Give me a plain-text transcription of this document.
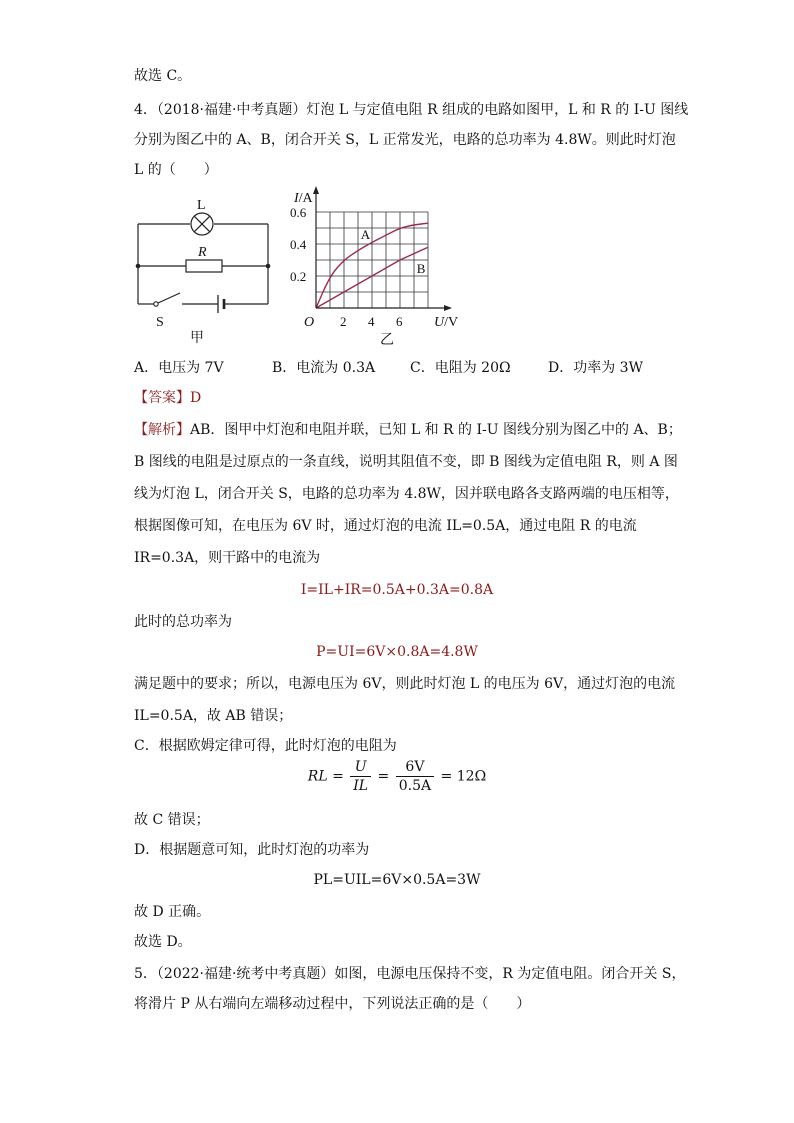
故选 C。
4．（2018·福建·中考真题）灯泡 L 与定值电阻 R 组成的电路如图甲，L 和 R 的 I-U 图线
分别为图乙中的 A、B，闭合开关 S，L 正常发光，电路的总功率为 4.8W。则此时灯泡
L 的（　　）
L
R
S
甲
A
B
0.6
0.4
0.2
2 4 6
I/A
O	U/V
乙
A．电压为 7V	B．电流为 0.3A C．电阻为 20Ω	D．功率为 3W
【答案】D
【解析】AB．图甲中灯泡和电阻并联，已知 L 和 R 的 I-U 图线分别为图乙中的 A、B；
B 图线的电阻是过原点的一条直线，说明其阻值不变，即 B 图线为定值电阻 R，则 A 图
线为灯泡 L，闭合开关 S，电路的总功率为 4.8W，因并联电路各支路两端的电压相等，
根据图像可知，在电压为 6V 时，通过灯泡的电流 IL=0.5A，通过电阻 R 的电流
IR=0.3A，则干路中的电流为
I=IL+IR=0.5A+0.3A=0.8A
此时的总功率为
P=UI=6V×0.8A=4.8W
满足题中的要求；所以，电源电压为 6V，则此时灯泡 L 的电压为 6V，通过灯泡的电流
IL=0.5A，故 AB 错误；
C．根据欧姆定律可得，此时灯泡的电阻为
RL = $\frac{U}{IL} = \frac{6V}{0.5A} = 12\Omega$
故 C 错误；
D．根据题意可知，此时灯泡的功率为
PL=UIL=6V×0.5A=3W
故 D 正确。
故选 D。
5．（2022·福建·统考中考真题）如图，电源电压保持不变，R 为定值电阻。闭合开关 S，
将滑片 P 从右端向左端移动过程中，下列说法正确的是（　　）
